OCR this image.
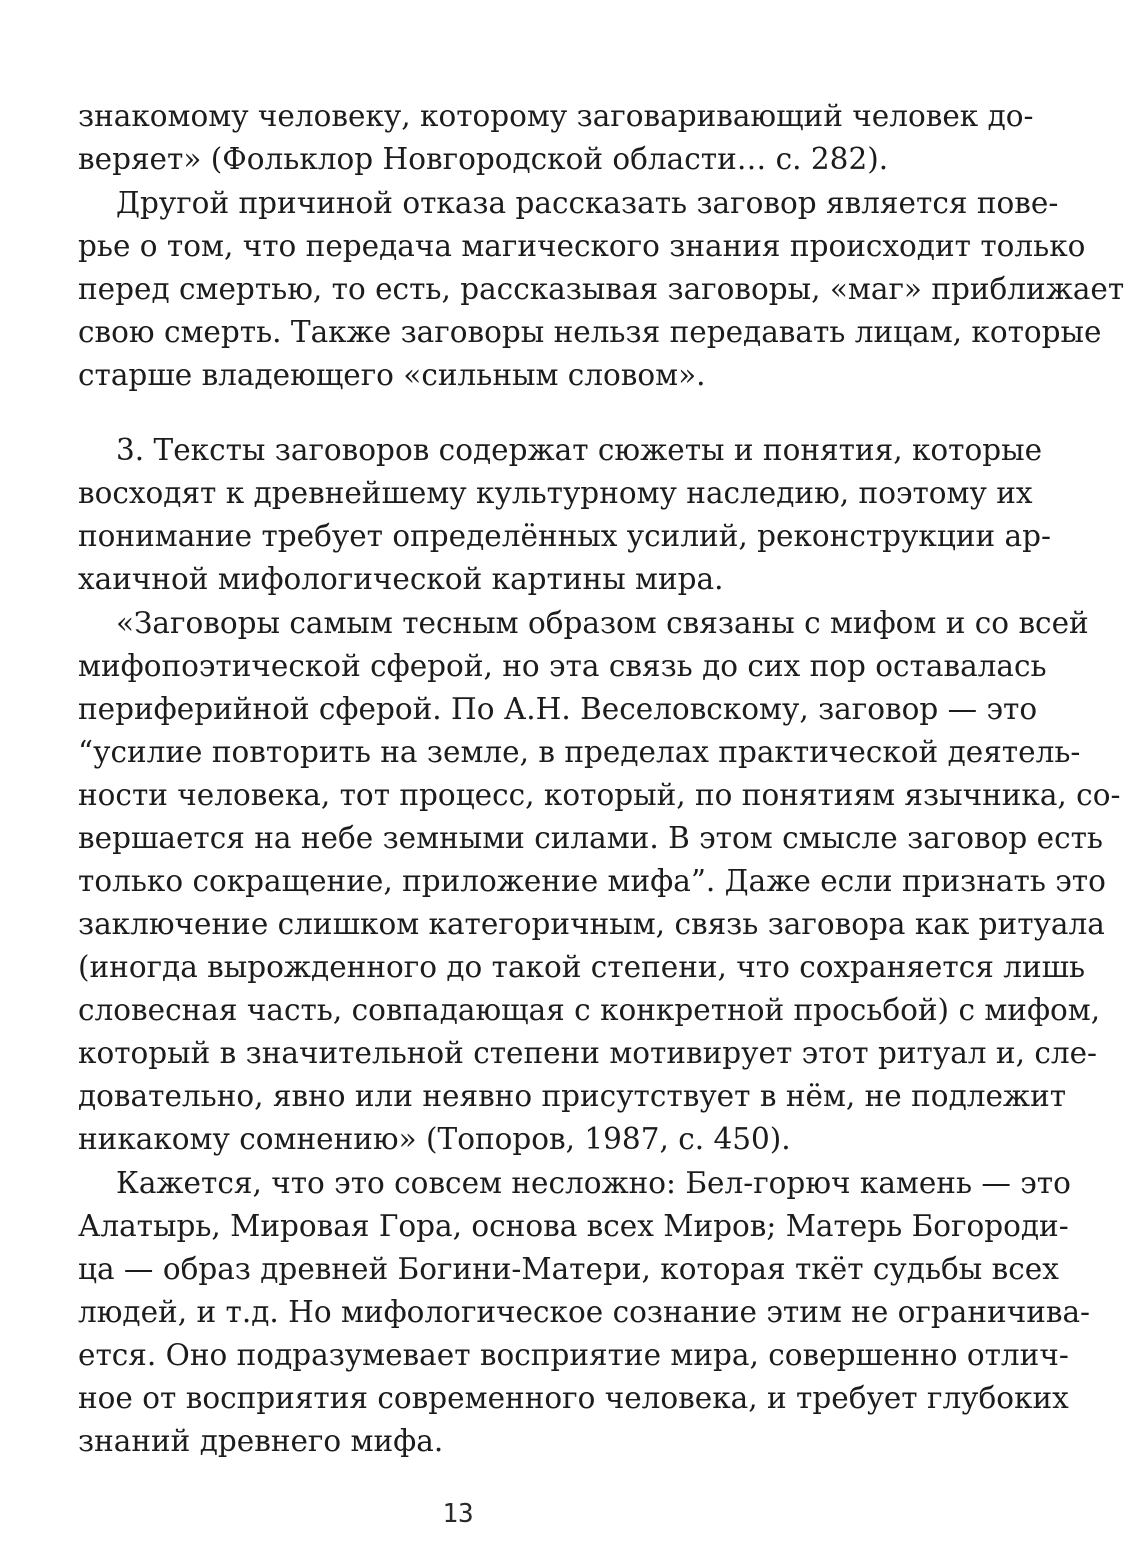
знакомому человеку, которому заговаривающий человек до-
веряет» (Фольклор Новгородской области… с. 282).
Другой причиной отказа рассказать заговор является пове-
рье о том, что передача магического знания происходит только
перед смертью, то есть, рассказывая заговоры, «маг» приближает
свою смерть. Также заговоры нельзя передавать лицам, которые
старше владеющего «сильным словом».
3. Тексты заговоров содержат сюжеты и понятия, которые
восходят к древнейшему культурному наследию, поэтому их
понимание требует определённых усилий, реконструкции ар-
хаичной мифологической картины мира.
«Заговоры самым тесным образом связаны с мифом и со всей
мифопоэтической сферой, но эта связь до сих пор оставалась
периферийной сферой. По А.Н. Веселовскому, заговор — это
“усилие повторить на земле, в пределах практической деятель-
ности человека, тот процесс, который, по понятиям язычника, со-
вершается на небе земными силами. В этом смысле заговор есть
только сокращение, приложение мифа”. Даже если признать это
заключение слишком категоричным, связь заговора как ритуала
(иногда вырожденного до такой степени, что сохраняется лишь
словесная часть, совпадающая с конкретной просьбой) с мифом,
который в значительной степени мотивирует этот ритуал и, сле-
довательно, явно или неявно присутствует в нём, не подлежит
никакому сомнению» (Топоров, 1987, с. 450).
Кажется, что это совсем несложно: Бел-горюч камень — это
Алатырь, Мировая Гора, основа всех Миров; Матерь Богороди-
ца — образ древней Богини-Матери, которая ткёт судьбы всех
людей, и т.д. Но мифологическое сознание этим не ограничива-
ется. Оно подразумевает восприятие мира, совершенно отлич-
ное от восприятия современного человека, и требует глубоких
знаний древнего мифа.
13
